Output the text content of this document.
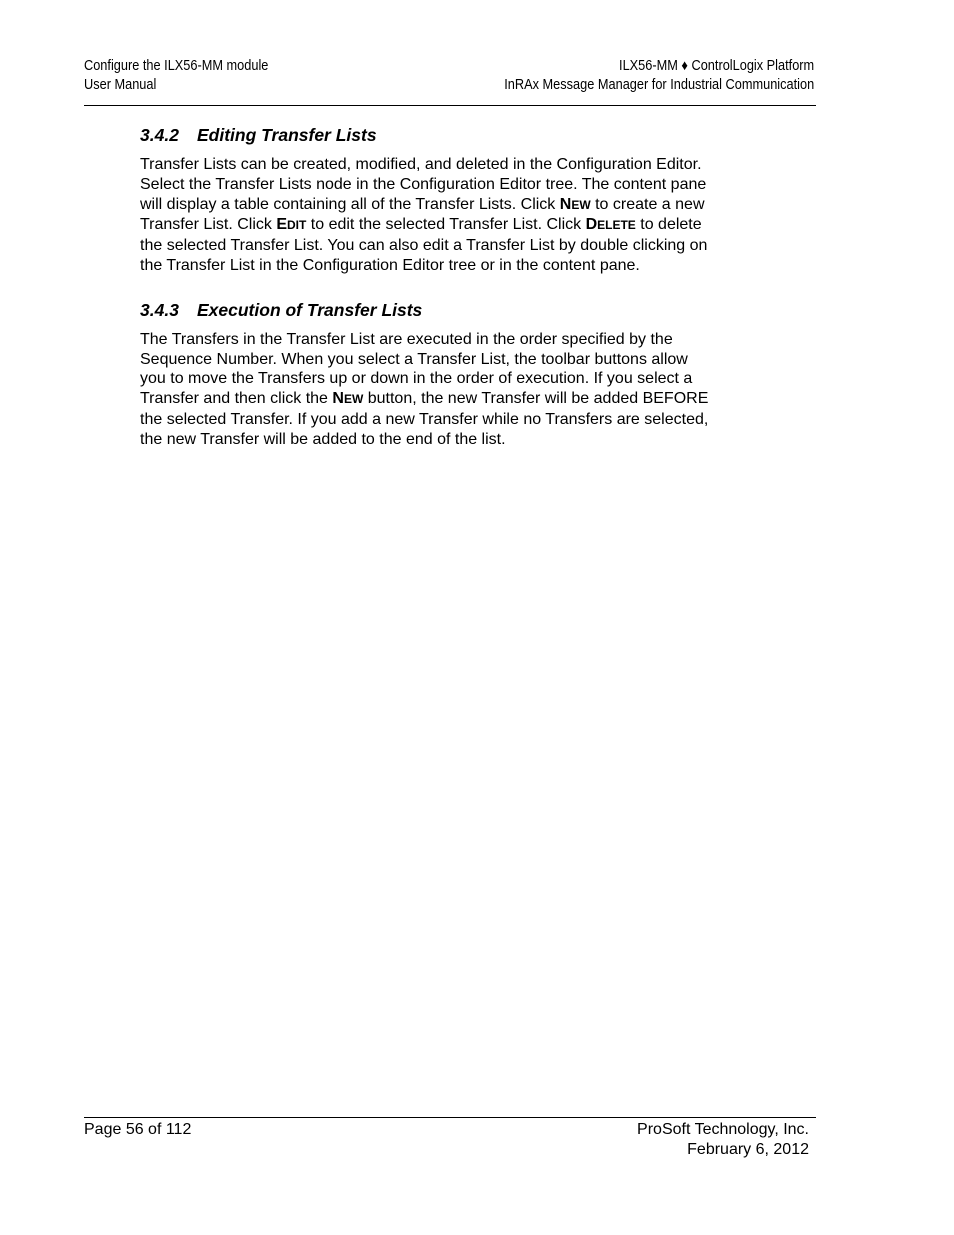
Configure the ILX56-MM module
User Manual
ILX56-MM ♦ ControlLogix Platform
InRAx Message Manager for Industrial Communication
3.4.2 Editing Transfer Lists
Transfer Lists can be created, modified, and deleted in the Configuration Editor.
Select the Transfer Lists node in the Configuration Editor tree. The content pane
will display a table containing all of the Transfer Lists. Click NEW to create a new
Transfer List. Click EDIT to edit the selected Transfer List. Click DELETE to delete
the selected Transfer List. You can also edit a Transfer List by double clicking on
the Transfer List in the Configuration Editor tree or in the content pane.
3.4.3 Execution of Transfer Lists
The Transfers in the Transfer List are executed in the order specified by the
Sequence Number. When you select a Transfer List, the toolbar buttons allow
you to move the Transfers up or down in the order of execution. If you select a
Transfer and then click the NEW button, the new Transfer will be added BEFORE
the selected Transfer. If you add a new Transfer while no Transfers are selected,
the new Transfer will be added to the end of the list.
Page 56 of 112	ProSoft Technology, Inc.
February 6, 2012
